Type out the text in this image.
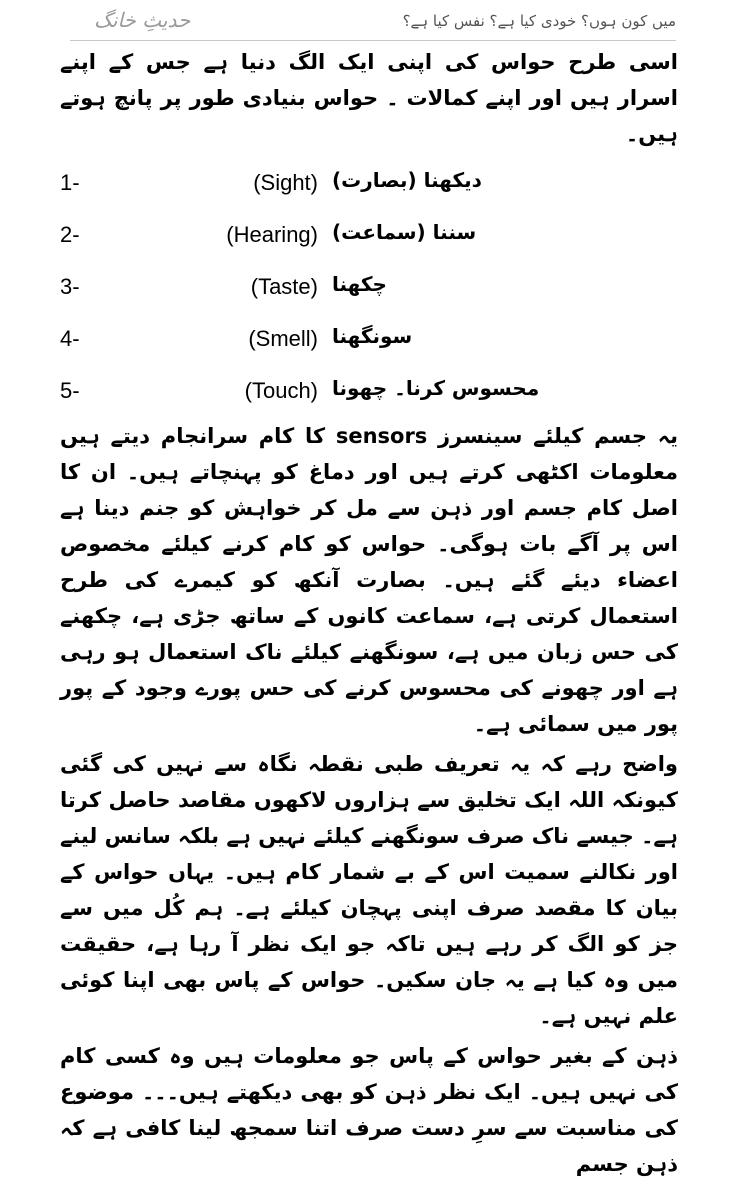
حدیثِ خانگ	میں کون ہوں؟ خودی کیا ہے؟ نفس کیا ہے؟

اسی طرح حواس کی اپنی ایک الگ دنیا ہے جس کے اپنے اسرار ہیں اور اپنے کمالات ۔ حواس بنیادی طور پر پانچ ہوتے ہیں۔

1-	(Sight) دیکھنا (بصارت)
2-	(Hearing) سننا (سماعت)
3-	(Taste) چکھنا
4-	(Smell) سونگھنا
5-	(Touch) محسوس کرنا۔ چھونا

یہ جسم کیلئے سینسرز sensors کا کام سرانجام دیتے ہیں معلومات اکٹھی کرتے ہیں اور دماغ کو پہنچاتے ہیں۔ ان کا اصل کام جسم اور ذہن سے مل کر خواہش کو جنم دینا ہے اس پر آگے بات ہوگی۔ حواس کو کام کرنے کیلئے مخصوص اعضاء دیئے گئے ہیں۔ بصارت آنکھ کو کیمرے کی طرح استعمال کرتی ہے، سماعت کانوں کے ساتھ جڑی ہے، چکھنے کی حس زبان میں ہے، سونگھنے کیلئے ناک استعمال ہو رہی ہے اور چھونے کی محسوس کرنے کی حس پورے وجود کے پور پور میں سمائی ہے۔

واضح رہے کہ یہ تعریف طبی نقطہ نگاہ سے نہیں کی گئی کیونکہ اللہ ایک تخلیق سے ہزاروں لاکھوں مقاصد حاصل کرتا ہے۔ جیسے ناک صرف سونگھنے کیلئے نہیں ہے بلکہ سانس لینے اور نکالنے سمیت اس کے بے شمار کام ہیں۔ یہاں حواس کے بیان کا مقصد صرف اپنی پہچان کیلئے ہے۔ ہم کُل میں سے جز کو الگ کر رہے ہیں تاکہ جو ایک نظر آ رہا ہے، حقیقت میں وہ کیا ہے یہ جان سکیں۔ حواس کے پاس بھی اپنا کوئی علم نہیں ہے۔

ذہن کے بغیر حواس کے پاس جو معلومات ہیں وہ کسی کام کی نہیں ہیں۔ ایک نظر ذہن کو بھی دیکھتے ہیں۔۔۔ موضوع کی مناسبت سے سرِ دست صرف اتنا سمجھ لینا کافی ہے کہ ذہن جسم
